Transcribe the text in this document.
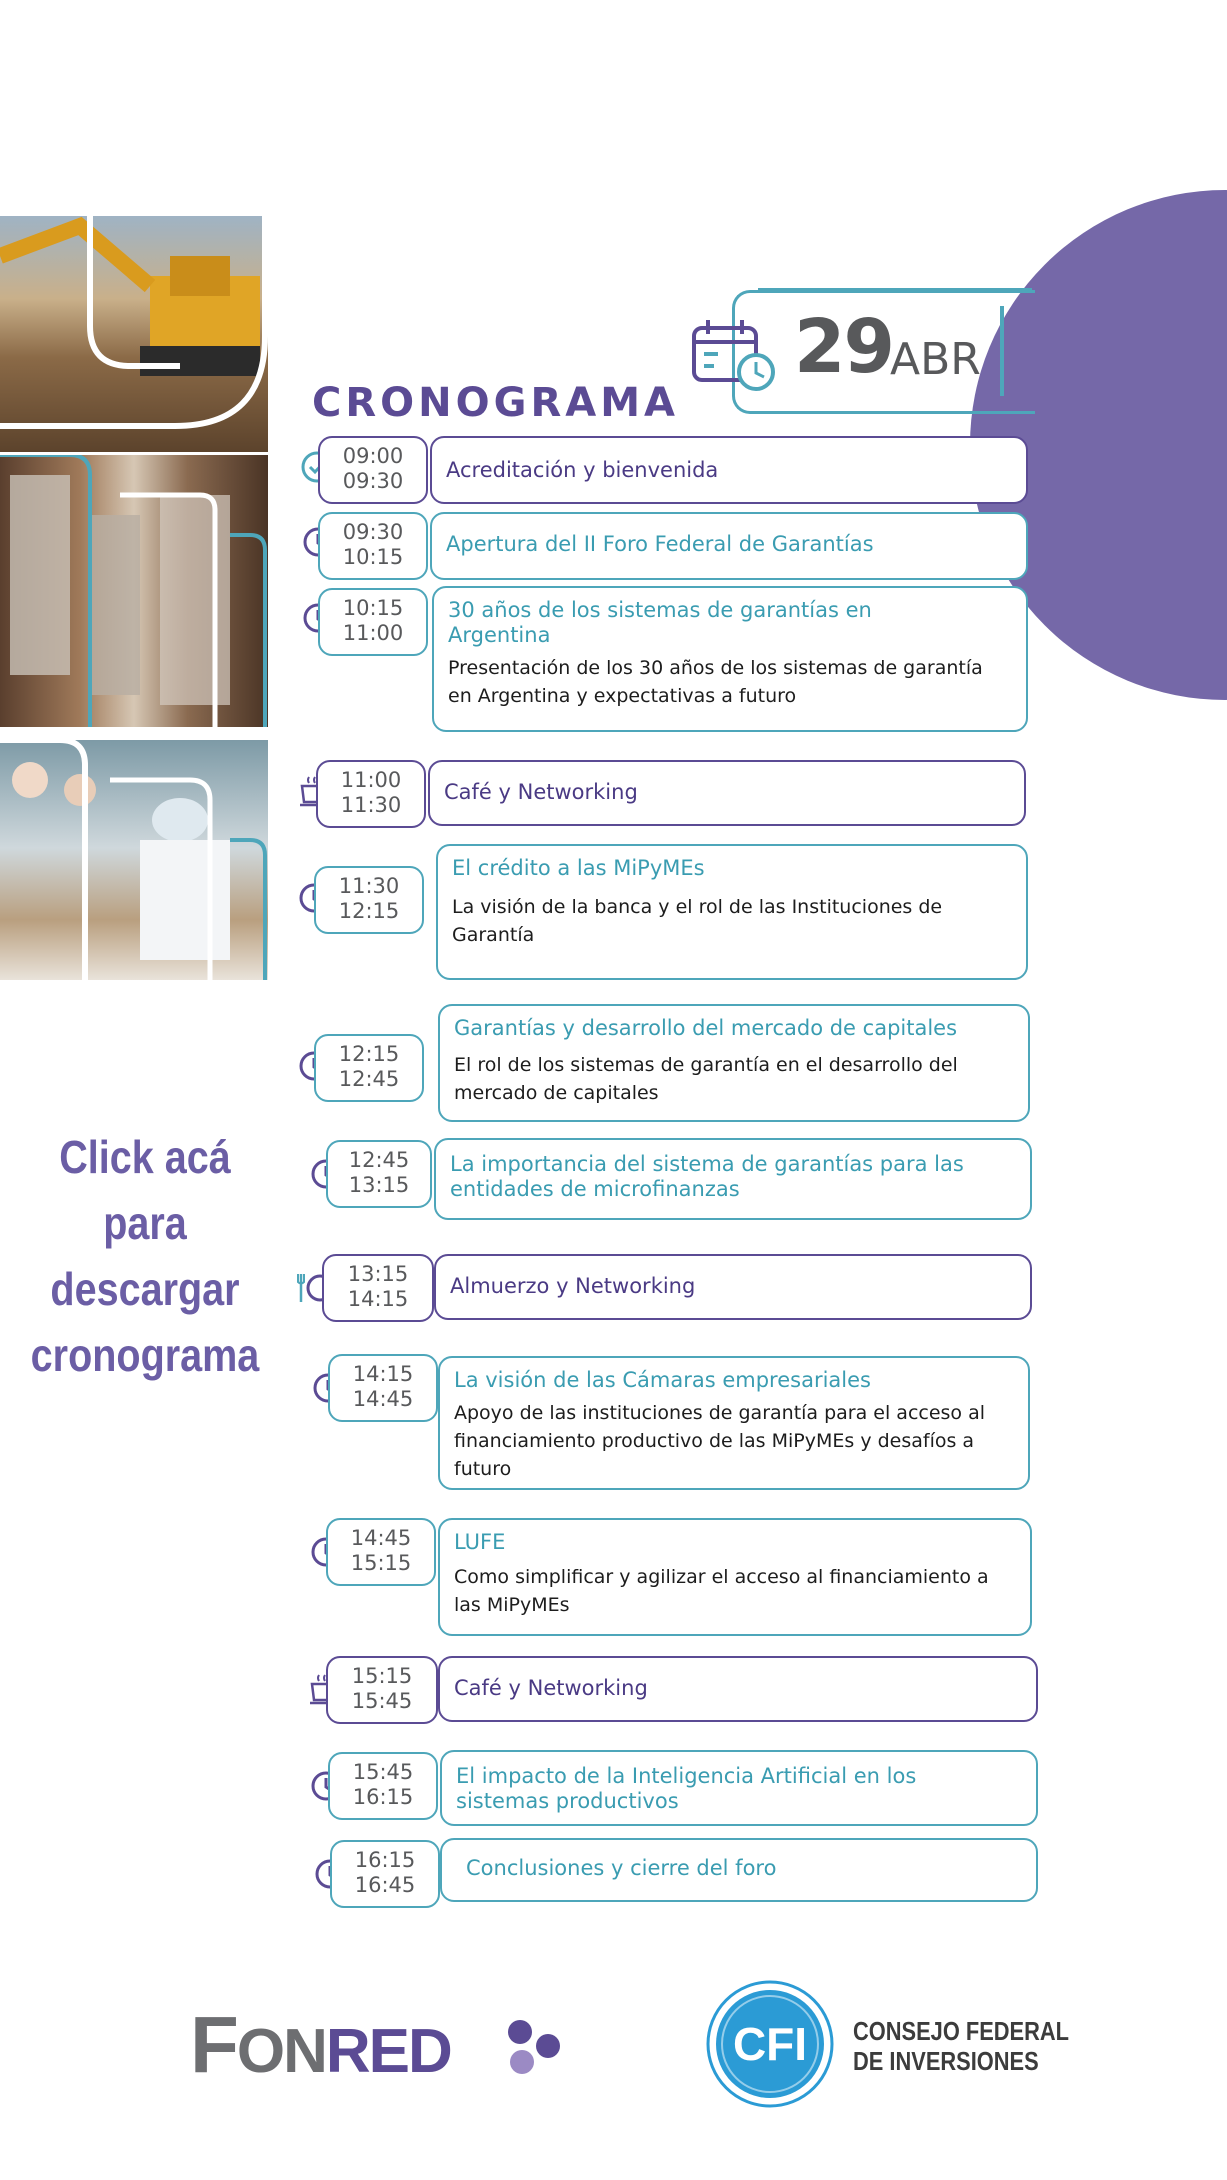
29
ABR
CRONOGRAMA
09:00
09:30	Acreditación y bienvenida
09:30
10:15
Apertura del II Foro Federal de Garantías
10:15
11:00
30 años de los sistemas de garantías en Argentina
Presentación de los 30 años de los sistemas de garantía en Argentina y expectativas a futuro
11:00
11:30
Café y Networking
11:30
12:15
El crédito a las MiPyMEs
La visión de la banca y el rol de las Instituciones de Garantía
12:15
12:45
Garantías y desarrollo del mercado de capitales
El rol de los sistemas de garantía en el desarrollo del mercado de capitales
12:45
13:15
La importancia del sistema de garantías para las entidades de microfinanzas
13:15
14:15
Almuerzo y Networking
14:15
14:45
La visión de las Cámaras empresariales
Apoyo de las instituciones de garantía para el acceso al financiamiento productivo de las MiPyMEs y desafíos a futuro
14:45
15:15
LUFE
Como simplificar y agilizar el acceso al financiamiento a las MiPyMEs
15:15
15:45
Café y Networking
15:45
16:15
El impacto de la Inteligencia Artificial en los sistemas productivos
16:15
16:45
Conclusiones y cierre del foro
Click acá
para
descargar
cronograma
FONRED	CFI CONSEJO FEDERAL
DE INVERSIONES
